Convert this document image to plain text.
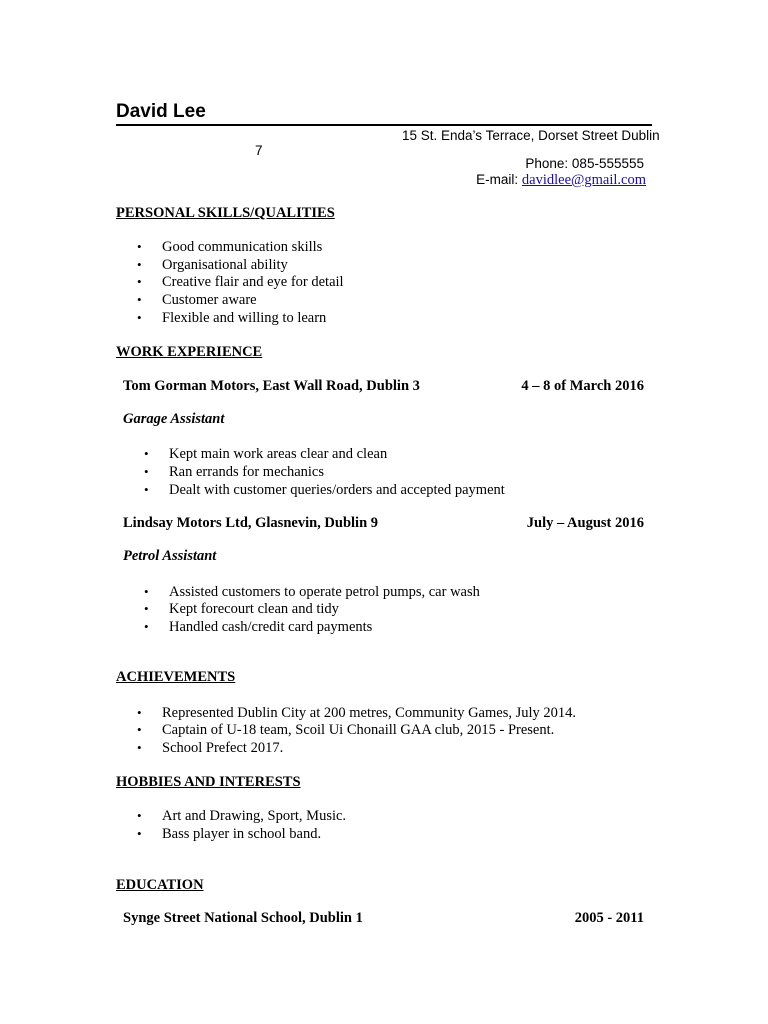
David Lee
15 St. Enda’s Terrace, Dorset Street Dublin
7
Phone: 085-555555
E-mail: davidlee@gmail.com
PERSONAL SKILLS/QUALITIES
• Good communication skills
• Organisational ability
• Creative flair and eye for detail
• Customer aware
• Flexible and willing to learn
WORK EXPERIENCE
Tom Gorman Motors, East Wall Road, Dublin 3	4 – 8 of March 2016
Garage Assistant
• Kept main work areas clear and clean
• Ran errands for mechanics
• Dealt with customer queries/orders and accepted payment
Lindsay Motors Ltd, Glasnevin, Dublin 9	July – August 2016
Petrol Assistant
• Assisted customers to operate petrol pumps, car wash
• Kept forecourt clean and tidy
• Handled cash/credit card payments
ACHIEVEMENTS
• Represented Dublin City at 200 metres, Community Games, July 2014.
• Captain of U-18 team, Scoil Ui Chonaill GAA club, 2015 - Present.
• School Prefect 2017.
HOBBIES AND INTERESTS
• Art and Drawing, Sport, Music.
• Bass player in school band.
EDUCATION
Synge Street National School, Dublin 1	2005 - 2011
